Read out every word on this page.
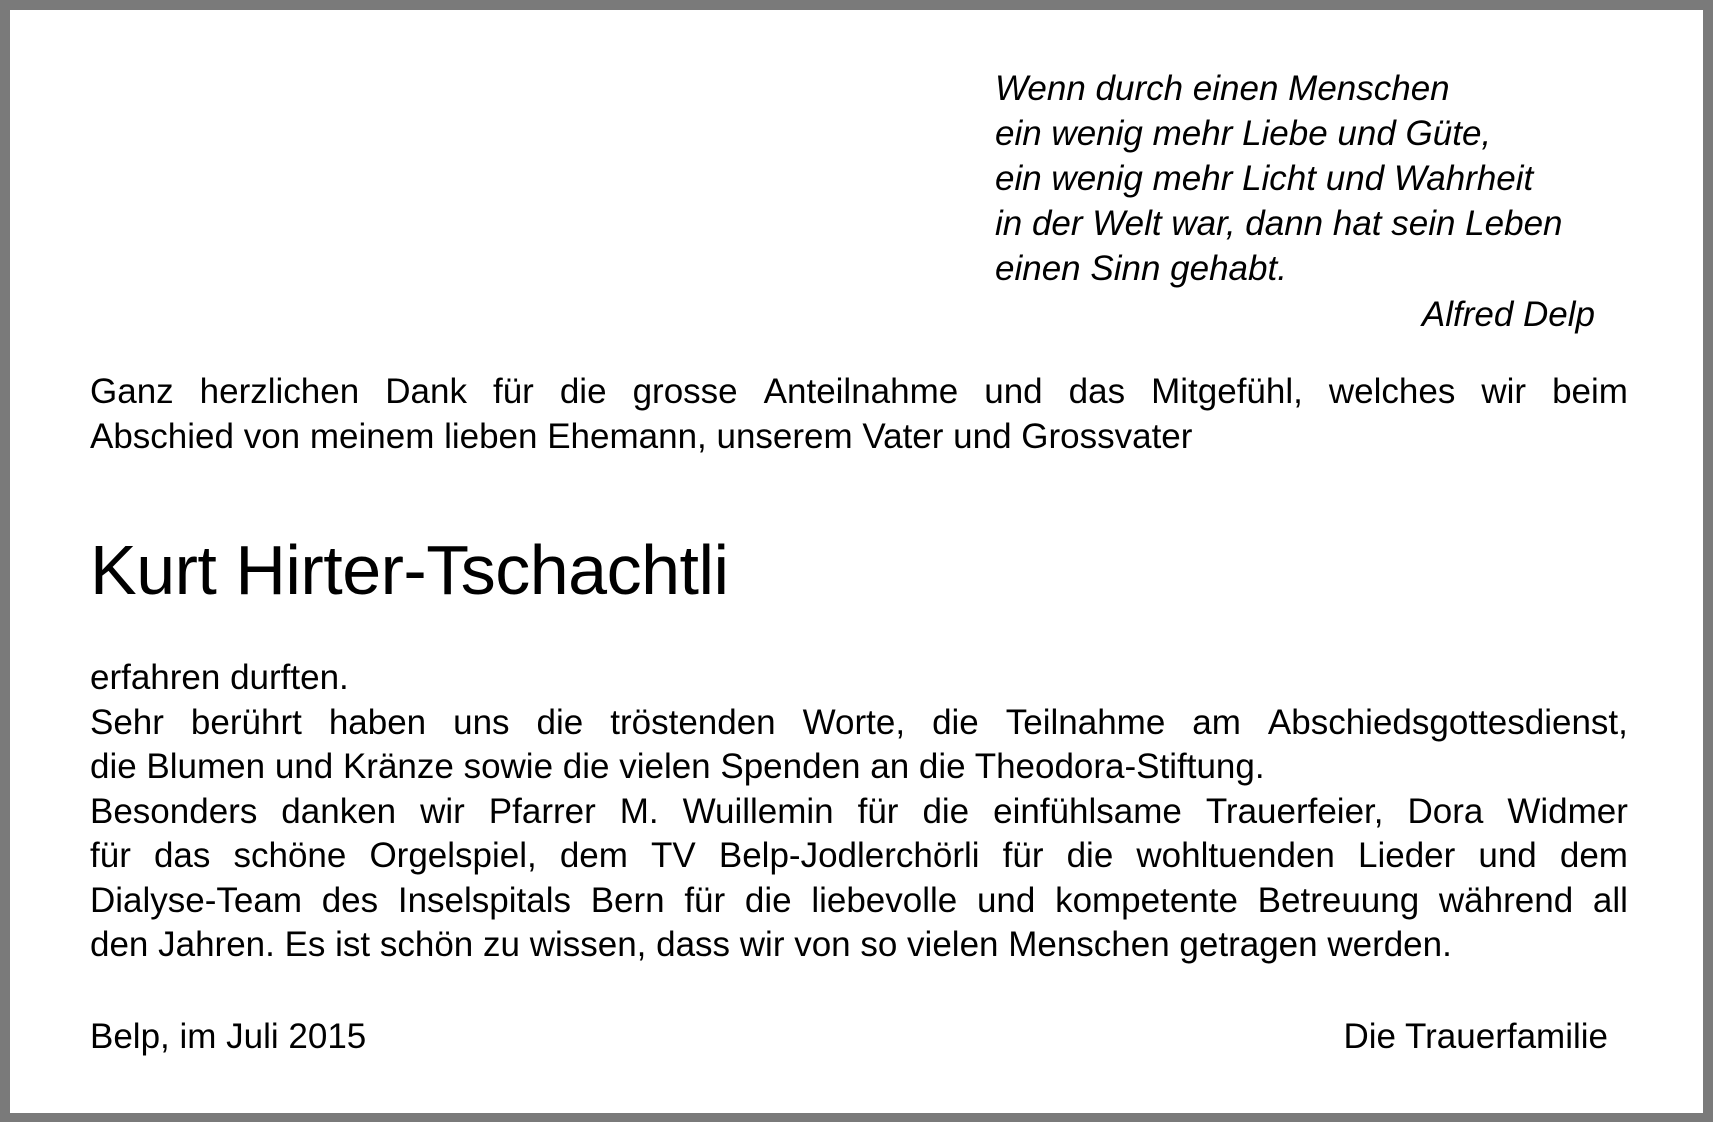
Wenn durch einen Menschen
ein wenig mehr Liebe und Güte,
ein wenig mehr Licht und Wahrheit
in der Welt war, dann hat sein Leben
einen Sinn gehabt.
Alfred Delp
Ganz herzlichen Dank für die grosse Anteilnahme und das Mitgefühl, welches wir beim
Abschied von meinem lieben Ehemann, unserem Vater und Grossvater
Kurt Hirter-Tschachtli
erfahren durften.
Sehr berührt haben uns die tröstenden Worte, die Teilnahme am Abschiedsgottesdienst,
die Blumen und Kränze sowie die vielen Spenden an die Theodora-Stiftung.
Besonders danken wir Pfarrer M. Wuillemin für die einfühlsame Trauerfeier, Dora Widmer
für das schöne Orgelspiel, dem TV Belp-Jodlerchörli für die wohltuenden Lieder und dem
Dialyse-Team des Inselspitals Bern für die liebevolle und kompetente Betreuung während all
den Jahren. Es ist schön zu wissen, dass wir von so vielen Menschen getragen werden.
Belp, im Juli 2015	Die Trauerfamilie
